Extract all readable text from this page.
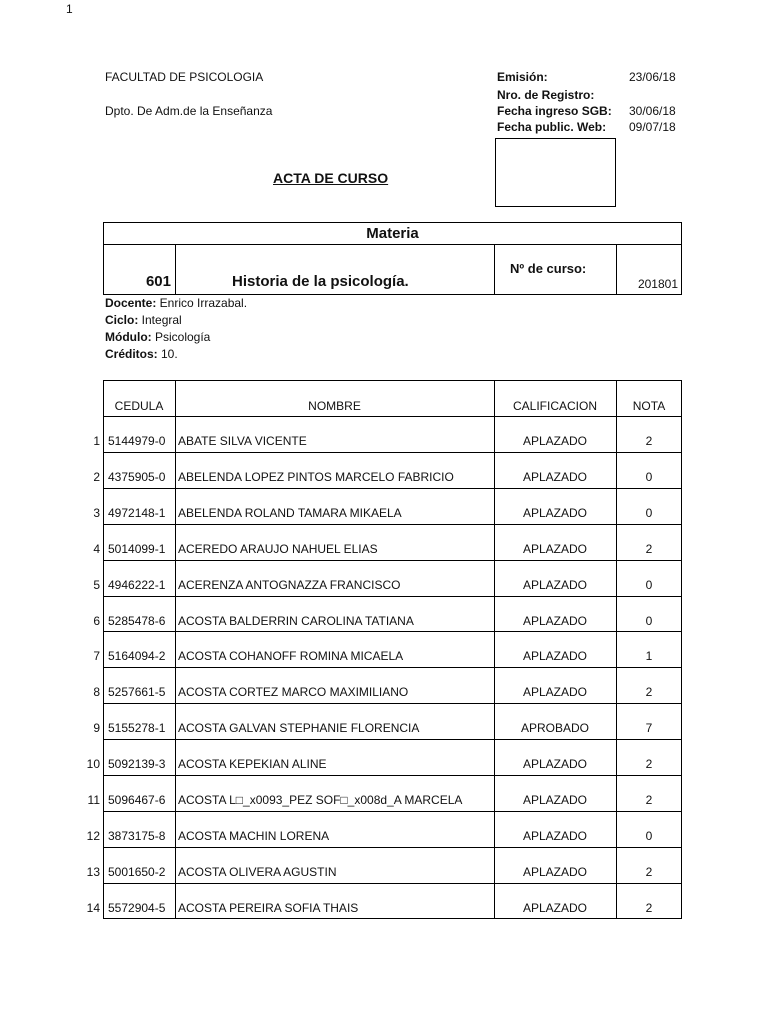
1
FACULTAD DE PSICOLOGIA
Dpto. De Adm.de la Enseñanza
Emisión:	23/06/18
Nro. de Registro:
Fecha ingreso SGB: 30/06/18
Fecha public. Web: 09/07/18
ACTA DE CURSO
Materia
601	Historia de la psicología.
Nº de curso:
201801
Docente: Enrico Irrazabal.
Ciclo: Integral
Módulo: Psicología
Créditos: 10.
CEDULA	NOMBRE	CALIFICACION	NOTA
1 5144979-0	ABATE SILVA VICENTE	APLAZADO	2
2 4375905-0	ABELENDA LOPEZ PINTOS MARCELO FABRICIO	APLAZADO	0
3 4972148-1	ABELENDA ROLAND TAMARA MIKAELA	APLAZADO	0
4 5014099-1	ACEREDO ARAUJO NAHUEL ELIAS	APLAZADO	2
5 4946222-1	ACERENZA ANTOGNAZZA FRANCISCO	APLAZADO	0
6 5285478-6	ACOSTA BALDERRIN CAROLINA TATIANA	APLAZADO	0
7 5164094-2	ACOSTA COHANOFF ROMINA MICAELA	APLAZADO	1
8 5257661-5	ACOSTA CORTEZ MARCO MAXIMILIANO	APLAZADO	2
9 5155278-1	ACOSTA GALVAN STEPHANIE FLORENCIA	APROBADO	7
10 5092139-3	ACOSTA KEPEKIAN ALINE	APLAZADO	2
11 5096467-6	ACOSTA L□_x0093_PEZ SOF□_x008d_A MARCELA	APLAZADO	2
12 3873175-8	ACOSTA MACHIN LORENA	APLAZADO	0
13 5001650-2	ACOSTA OLIVERA AGUSTIN	APLAZADO	2
14 5572904-5	ACOSTA PEREIRA SOFIA THAIS	APLAZADO	2
